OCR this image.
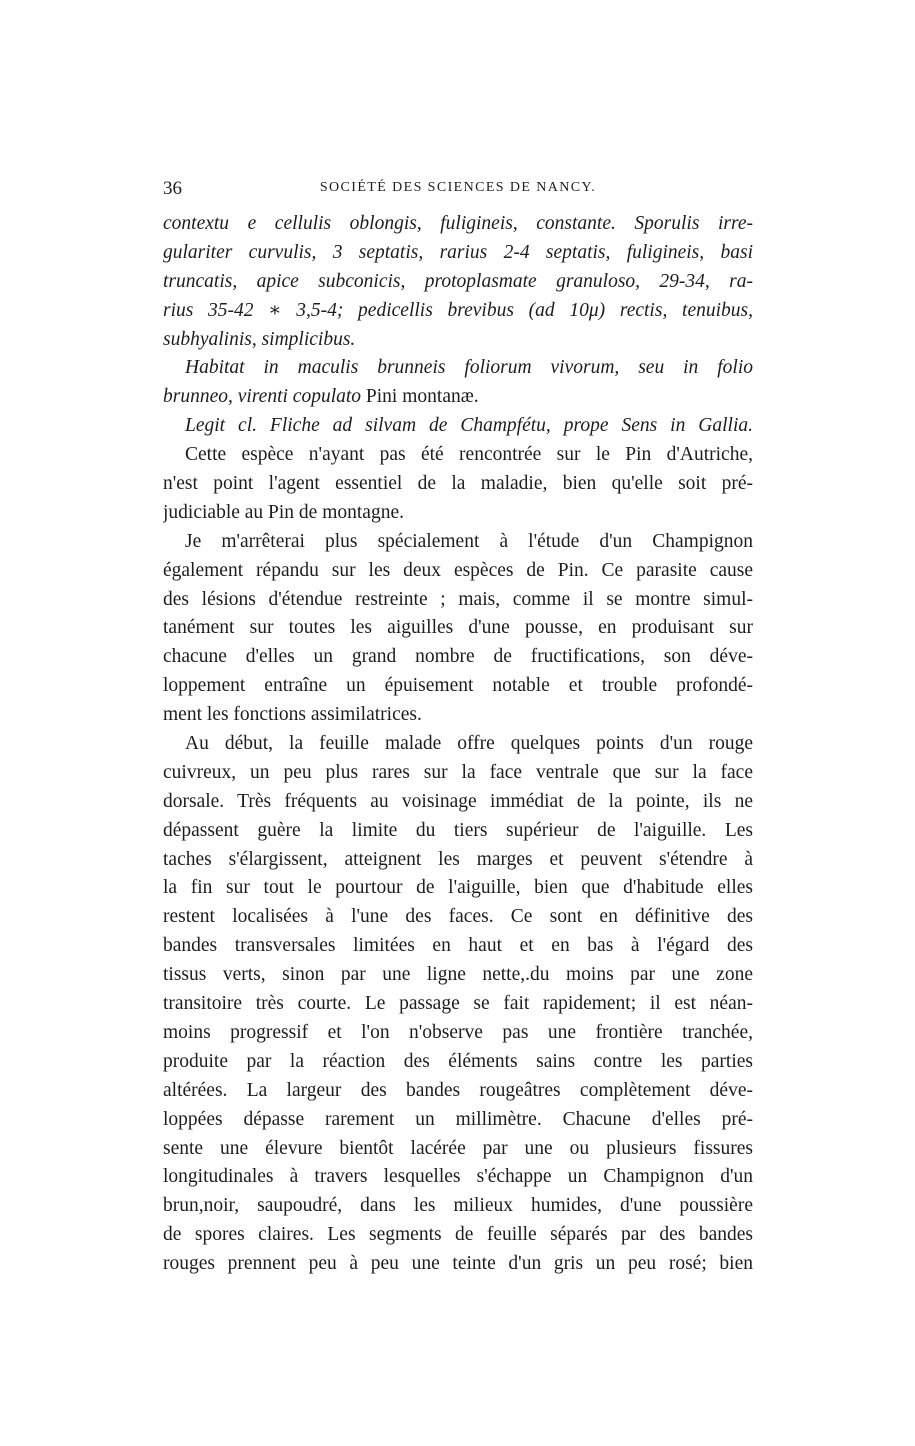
36	SOCIÉTÉ DES SCIENCES DE NANCY.
contextu e cellulis oblongis, fuligineis, constante. Sporulis irre-
gulariter curvulis, 3 septatis, rarius 2-4 septatis, fuligineis, basi
truncatis, apice subconicis, protoplasmate granuloso, 29-34, ra-
rius 35-42 ∗ 3,5-4; pedicellis brevibus (ad 10μ) rectis, tenuibus,
subhyalinis, simplicibus.
Habitat in maculis brunneis foliorum vivorum, seu in folio
brunneo, virenti copulato Pini montanæ.
Legit cl. Fliche ad silvam de Champfétu, prope Sens in Gallia.
Cette espèce n'ayant pas été rencontrée sur le Pin d'Autriche,
n'est point l'agent essentiel de la maladie, bien qu'elle soit pré-
judiciable au Pin de montagne.
Je m'arrêterai plus spécialement à l'étude d'un Champignon
également répandu sur les deux espèces de Pin. Ce parasite cause
des lésions d'étendue restreinte ; mais, comme il se montre simul-
tanément sur toutes les aiguilles d'une pousse, en produisant sur
chacune d'elles un grand nombre de fructifications, son déve-
loppement entraîne un épuisement notable et trouble profondé-
ment les fonctions assimilatrices.
Au début, la feuille malade offre quelques points d'un rouge
cuivreux, un peu plus rares sur la face ventrale que sur la face
dorsale. Très fréquents au voisinage immédiat de la pointe, ils ne
dépassent guère la limite du tiers supérieur de l'aiguille. Les
taches s'élargissent, atteignent les marges et peuvent s'étendre à
la fin sur tout le pourtour de l'aiguille, bien que d'habitude elles
restent localisées à l'une des faces. Ce sont en définitive des
bandes transversales limitées en haut et en bas à l'égard des
tissus verts, sinon par une ligne nette,.du moins par une zone
transitoire très courte. Le passage se fait rapidement; il est néan-
moins progressif et l'on n'observe pas une frontière tranchée,
produite par la réaction des éléments sains contre les parties
altérées. La largeur des bandes rougeâtres complètement déve-
loppées dépasse rarement un millimètre. Chacune d'elles pré-
sente une élevure bientôt lacérée par une ou plusieurs fissures
longitudinales à travers lesquelles s'échappe un Champignon d'un
brun,noir, saupoudré, dans les milieux humides, d'une poussière
de spores claires. Les segments de feuille séparés par des bandes
rouges prennent peu à peu une teinte d'un gris un peu rosé; bien
